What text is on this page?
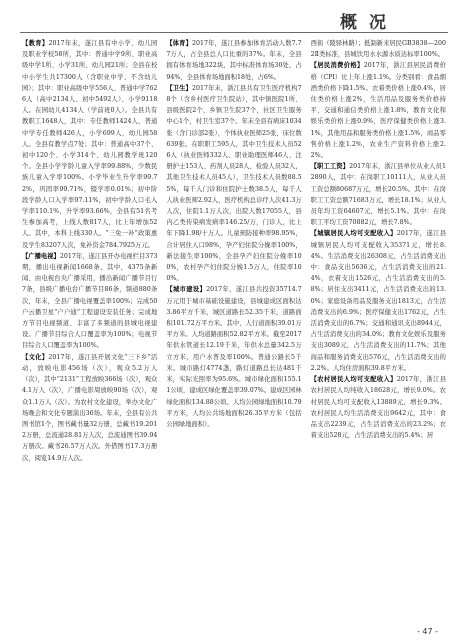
概况

【教育】2017年末，遂江县有中小学、幼儿园及职业学校58所，其中：普通中学9所、职业高级中学1所、小学31所、幼儿园21所；全县在校中小学生共17300人（含职业中学、不含幼儿园）；其中：职业高级中学556人、普通中学7626人（高中2134人、初中5492人）、小学9118人。在园幼儿4134人（学前班0人）。全县共有教职工1648人，其中：专任教师1424人，普通中学专任教师426人，小学699人，幼儿园58人。全县有教学点7处；其中：普通高中37个、初中120个、小学314个、幼儿园教学班120个。全县小学学龄儿童入学率99.88%，少数民族儿童入学率100%。小学毕业生升学率99.72%，巩固率99.71%，辍学率0.01%；初中阶段学龄人口入学率97.11%，初中学龄人口毛入学率110.1%，升学率93.66%，全县有51名考生参加高考，上线人数817人，比上年增加52人。其中，本科上线330人。“三免一补”政策惠及学生83207人次，免补资金784.7925万元。

【广播电视】2017年，遂江县开办电视栏目373期，播出电视新闻1668条，其中，4375条新闻、由电视台央广播采用，播出新闻广播节目行7条，县级广播电台广播节目86条，频道880条次，年末，全县广播电视覆盖率100%；完成50户云播卫星“户户通”工程建设安装任务；完成地方节目电视频道、丰富了多频道的县城电视建设。广播节目综合人口覆盖率为100%；电视节目综合人口覆盖率为100%。

【文化】2017年，遂江县开展文化“三下乡”活动，放映电影456场（次），观众5.2万人（次），其中“2131”工程放映366场（次），观众4.1万人（次），广播电影周放映90场（次），观众1.1万人（次）。为农村文化建设，举办文化广场晚会和文化专题演出36场。年末，全县有公共图书馆1个，图书藏书量32万册，总藏书19.2012万册，总流通28.81万人次，总流通图书39.94万册次。藏书26.57万人次。外借图书17.3万册次，阅览14.9万人次。

【体育】2017年，遂江县参加体育活动人数7.77万人，占全县总人口比重的37%。年末，全县拥有体育场地322块，其中标准体育场30处，占94%，全县体育场地面积18处，占6%。

【卫生】2017年末，浙江县共有卫生医疗机构78个（含乡村医疗卫生院站），其中镇医院1所、县级医院2个、乡镇卫生院37个，社区卫生服务中心1个，村卫生室37个。年末全县有病床1034张（含门诊部2张），个体执业医师25张，床位数639张。在职职工595人，其中卫生技术人员526人（执业医师332人、职业助理医师46人、注册护士153人、药剂人员28人、检验人员32人，其他卫生技术人员45人），卫生技术人员数88.55%，每千人门诊和住院护士数38.5人，每千人人执业医师2.92人，医疗机构总诊疗人次41.3万人次，住院1.1万人次，出院人数17055人，县内乙类传染病发病率146.25/万，门诊人，比上年下降1.98/十万人。儿童预防接种率98.95%，合计居住人口98%，孕产妇住院分娩率100%，新法接生率100%，全县孕产妇住院分娩率100%，农村孕产妇住院分娩1.5万人，住院率100%。

【城市建设】2017年，遂江县共投资35714.7万元用于城市基础设施建设，县城建成区面积达3.86平方千米，城区道路长52.35千米，道路面积101.72万平方米。其中，人行道面积39.01万平方米。人均道路面积52.82平方米。截至2017年供水管道长12.19千米，年供水总量342.5万立方米，用户水普及率100%。普通公路长5千米。城市路灯4774盏，路灯道路总长达481千米，实际光照率为95.6%。城市绿化面积155.11公顷，建成区绿化覆盖率39.07%。建成区园林绿化面积134.88公顷。人均公园绿地面积10.79平方米，人均公共场地面积26.35平方米（包括公园绿地面积）。

西街（陵驿林路）；抵制新来居民GB3838—2002Ⅱ类标准，县城饮用水水源水质达标率100%。

【居民消费价格】2017年，浙江县居民消费价格（CPI）比上年上涨1.1%。分类别看：食品烟酒类价格下降1.5%。衣着类价格上涨0.4%，居住类价格上涨2%，生活用品及服务类价格持平，交通和通信类价格上涨1.8%，教育文化和娱乐类价格上涨0.9%，医疗保健类价格上涨3.1%，其他用品和服务类价格上涨1.5%，商品零售价格上涨1.2%，农业生产资料价格上涨2.2%。

【职工工资】2017年末，浙江县单位从业人员12890人，其中：在岗职工10111人，从业人员工资总额80687万元，增长20.5%。其中：在岗职工工资总额71683万元，增长18.1%；从业人员年均工资64607元，增长5.1%。其中：在岗职工平均工资70882元，增长7.8%。

【城镇居民人均可支配收入】2017年，遂江县城镇居民人均可支配收入35371元，增长8.4%。生活消费支出26308元，占生活消费支出中：食品支出5636元，占生活消费支出的21.4%，衣着支出1526元，占生活消费支出的5.8%；居住支出3411元，占生活消费支出的13.0%；家庭设备用品及服务支出1813元，占生活消费支出的6.9%；医疗保健支出1762元，占生活消费支出的6.7%；交通和通讯支出8944元，占生活消费支出的34.0%；教育文化娱乐及服务支出3089元，占生活消费支出的11.7%；其他商品和服务消费支出576元，占生活消费支出的2.2%。人均住房面积39.8平方米。

【农村居民人均可支配收入】2017年，浙江县农村居民人均纯收入18628元，增长9.0%。农村居民人均可支配收入13889元，增长9.3%。农村居民人均生活消费支出9642元，其中：食品支出2239元，占生活消费支出的23.2%；衣着支出528元，占生活消费支出的5.4%；居

- 47 -
